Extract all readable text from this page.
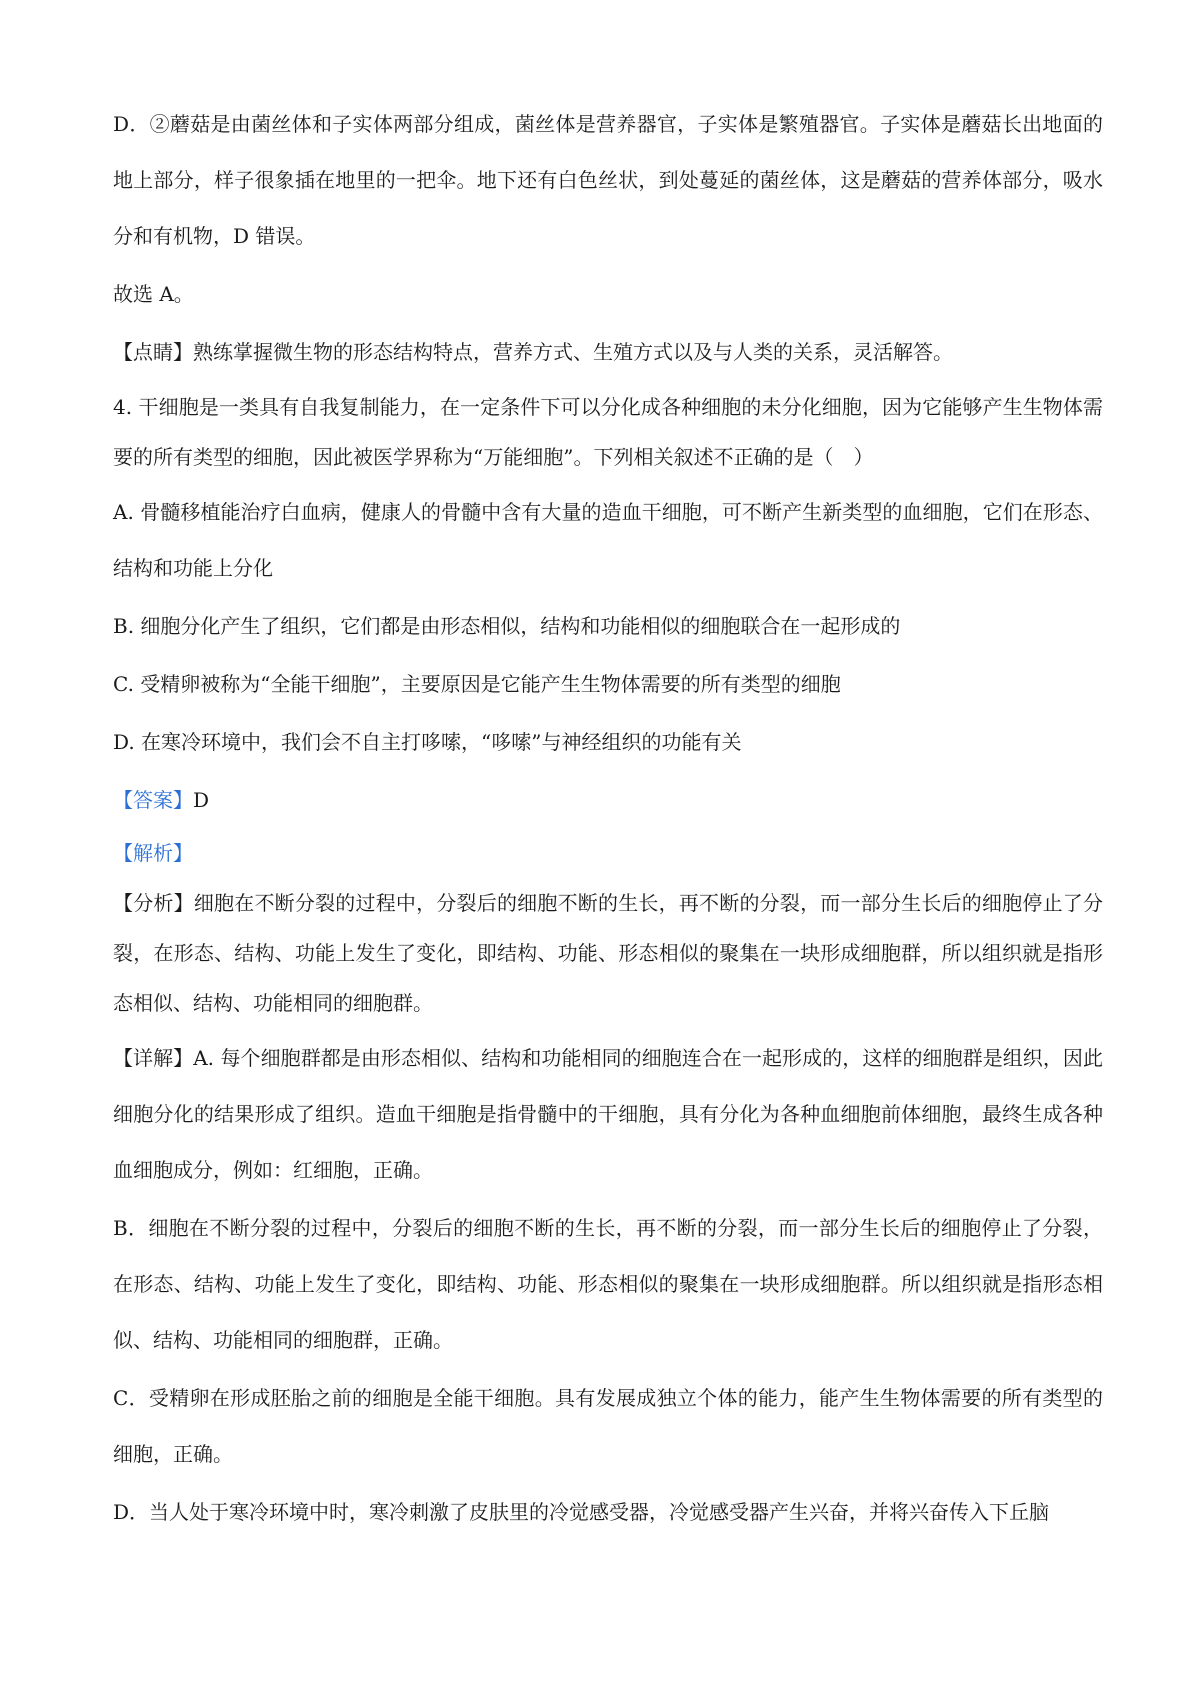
D．②蘑菇是由菌丝体和子实体两部分组成，菌丝体是营养器官，子实体是繁殖器官。子实体是蘑菇长出地面的地上部分，样子很象插在地里的一把伞。地下还有白色丝状，到处蔓延的菌丝体，这是蘑菇的营养体部分，吸水分和有机物，D 错误。

故选 A。

【点睛】熟练掌握微生物的形态结构特点，营养方式、生殖方式以及与人类的关系，灵活解答。

4. 干细胞是一类具有自我复制能力，在一定条件下可以分化成各种细胞的未分化细胞，因为它能够产生生物体需要的所有类型的细胞，因此被医学界称为“万能细胞”。下列相关叙述不正确的是（　）

A. 骨髓移植能治疗白血病，健康人的骨髓中含有大量的造血干细胞，可不断产生新类型的血细胞，它们在形态、结构和功能上分化

B. 细胞分化产生了组织，它们都是由形态相似，结构和功能相似的细胞联合在一起形成的

C. 受精卵被称为“全能干细胞”，主要原因是它能产生生物体需要的所有类型的细胞

D. 在寒冷环境中，我们会不自主打哆嗦，“哆嗦”与神经组织的功能有关

【答案】D

【解析】

【分析】细胞在不断分裂的过程中，分裂后的细胞不断的生长，再不断的分裂，而一部分生长后的细胞停止了分裂，在形态、结构、功能上发生了变化，即结构、功能、形态相似的聚集在一块形成细胞群，所以组织就是指形态相似、结构、功能相同的细胞群。

【详解】A. 每个细胞群都是由形态相似、结构和功能相同的细胞连合在一起形成的，这样的细胞群是组织，因此细胞分化的结果形成了组织。造血干细胞是指骨髓中的干细胞，具有分化为各种血细胞前体细胞，最终生成各种血细胞成分，例如：红细胞，正确。

B．细胞在不断分裂的过程中，分裂后的细胞不断的生长，再不断的分裂，而一部分生长后的细胞停止了分裂，在形态、结构、功能上发生了变化，即结构、功能、形态相似的聚集在一块形成细胞群。所以组织就是指形态相似、结构、功能相同的细胞群，正确。

C．受精卵在形成胚胎之前的细胞是全能干细胞。具有发展成独立个体的能力，能产生生物体需要的所有类型的细胞，正确。

D．当人处于寒冷环境中时，寒冷刺激了皮肤里的冷觉感受器，冷觉感受器产生兴奋，并将兴奋传入下丘脑
